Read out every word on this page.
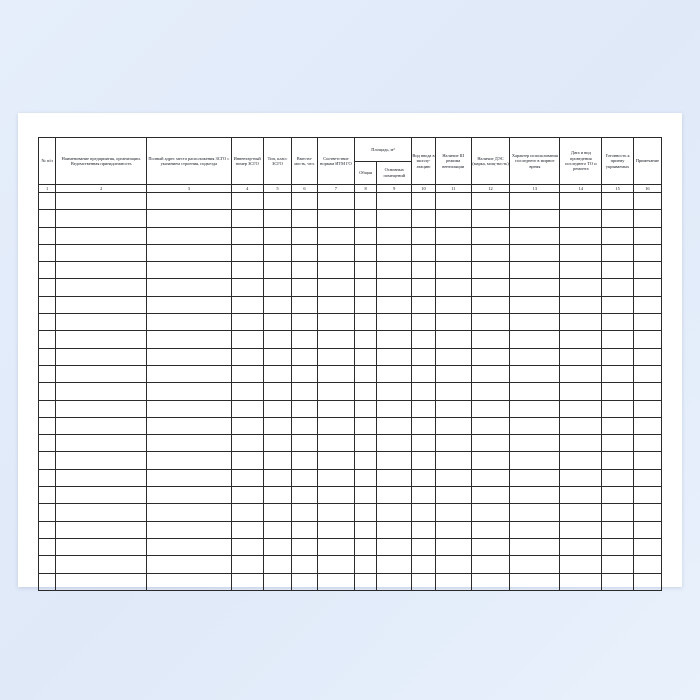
№ п/п	Наименование предприятия, организации. Ведомственная принадлежность	Полный адрес места расположения ЗСГО с указанием строения, подъезда	Инвентар-ный номер ЗСГО	Тип, класс ЗСГО	Вмести-мость, чел.	Соответствие нормам ИТМ ГО	Площадь, м²		Вид ввода в эксплу-атацию	Наличие Ш режима вентиляции	Наличие ДЭС (марка, мощ-ность)	Характер использования последнего в мирное время	Дата и вид проведения последнего ТО и ремонта	Готовность к приему укрываемых	Примечание
							Общая	Основных помещений							
1	2	3	4	5	6	7	8	9	10	11	12	13	14	15	16
